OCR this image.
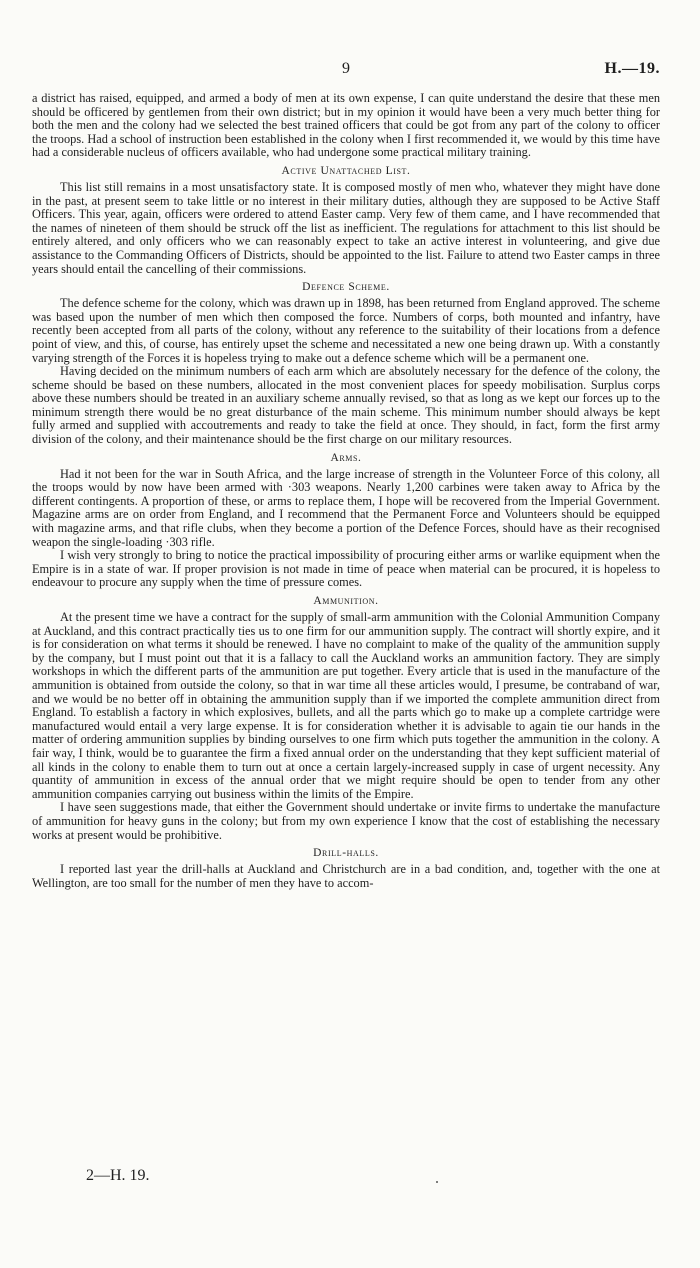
9	H.—19.

a district has raised, equipped, and armed a body of men at its own expense, I can quite understand the desire that these men should be officered by gentlemen from their own district; but in my opinion it would have been a very much better thing for both the men and the colony had we selected the best trained officers that could be got from any part of the colony to officer the troops. Had a school of instruction been established in the colony when I first recommended it, we would by this time have had a considerable nucleus of officers available, who had undergone some practical military training.

Active Unattached List.

This list still remains in a most unsatisfactory state. It is composed mostly of men who, whatever they might have done in the past, at present seem to take little or no interest in their military duties, although they are supposed to be Active Staff Officers. This year, again, officers were ordered to attend Easter camp. Very few of them came, and I have recommended that the names of nineteen of them should be struck off the list as inefficient. The regulations for attachment to this list should be entirely altered, and only officers who we can reasonably expect to take an active interest in volunteering, and give due assistance to the Commanding Officers of Districts, should be appointed to the list. Failure to attend two Easter camps in three years should entail the cancelling of their commissions.

Defence Scheme.

The defence scheme for the colony, which was drawn up in 1898, has been returned from England approved. The scheme was based upon the number of men which then composed the force. Numbers of corps, both mounted and infantry, have recently been accepted from all parts of the colony, without any reference to the suitability of their locations from a defence point of view, and this, of course, has entirely upset the scheme and necessitated a new one being drawn up. With a constantly varying strength of the Forces it is hopeless trying to make out a defence scheme which will be a permanent one.

Having decided on the minimum numbers of each arm which are absolutely necessary for the defence of the colony, the scheme should be based on these numbers, allocated in the most convenient places for speedy mobilisation. Surplus corps above these numbers should be treated in an auxiliary scheme annually revised, so that as long as we kept our forces up to the minimum strength there would be no great disturbance of the main scheme. This minimum number should always be kept fully armed and supplied with accoutrements and ready to take the field at once. They should, in fact, form the first army division of the colony, and their maintenance should be the first charge on our military resources.

Arms.

Had it not been for the war in South Africa, and the large increase of strength in the Volunteer Force of this colony, all the troops would by now have been armed with ·303 weapons. Nearly 1,200 carbines were taken away to Africa by the different contingents. A proportion of these, or arms to replace them, I hope will be recovered from the Imperial Government. Magazine arms are on order from England, and I recommend that the Permanent Force and Volunteers should be equipped with magazine arms, and that rifle clubs, when they become a portion of the Defence Forces, should have as their recognised weapon the single-loading ·303 rifle.

I wish very strongly to bring to notice the practical impossibility of procuring either arms or warlike equipment when the Empire is in a state of war. If proper provision is not made in time of peace when material can be procured, it is hopeless to endeavour to procure any supply when the time of pressure comes.

Ammunition.

At the present time we have a contract for the supply of small-arm ammunition with the Colonial Ammunition Company at Auckland, and this contract practically ties us to one firm for our ammunition supply. The contract will shortly expire, and it is for consideration on what terms it should be renewed. I have no complaint to make of the quality of the ammunition supply by the company, but I must point out that it is a fallacy to call the Auckland works an ammunition factory. They are simply workshops in which the different parts of the ammunition are put together. Every article that is used in the manufacture of the ammunition is obtained from outside the colony, so that in war time all these articles would, I presume, be contraband of war, and we would be no better off in obtaining the ammunition supply than if we imported the complete ammunition direct from England. To establish a factory in which explosives, bullets, and all the parts which go to make up a complete cartridge were manufactured would entail a very large expense. It is for consideration whether it is advisable to again tie our hands in the matter of ordering ammunition supplies by binding ourselves to one firm which puts together the ammunition in the colony. A fair way, I think, would be to guarantee the firm a fixed annual order on the understanding that they kept sufficient material of all kinds in the colony to enable them to turn out at once a certain largely-increased supply in case of urgent necessity. Any quantity of ammunition in excess of the annual order that we might require should be open to tender from any other ammunition companies carrying out business within the limits of the Empire.

I have seen suggestions made, that either the Government should undertake or invite firms to undertake the manufacture of ammunition for heavy guns in the colony; but from my own experience I know that the cost of establishing the necessary works at present would be prohibitive.

Drill-halls.

I reported last year the drill-halls at Auckland and Christchurch are in a bad condition, and, together with the one at Wellington, are too small for the number of men they have to accom-

2—H. 19.
